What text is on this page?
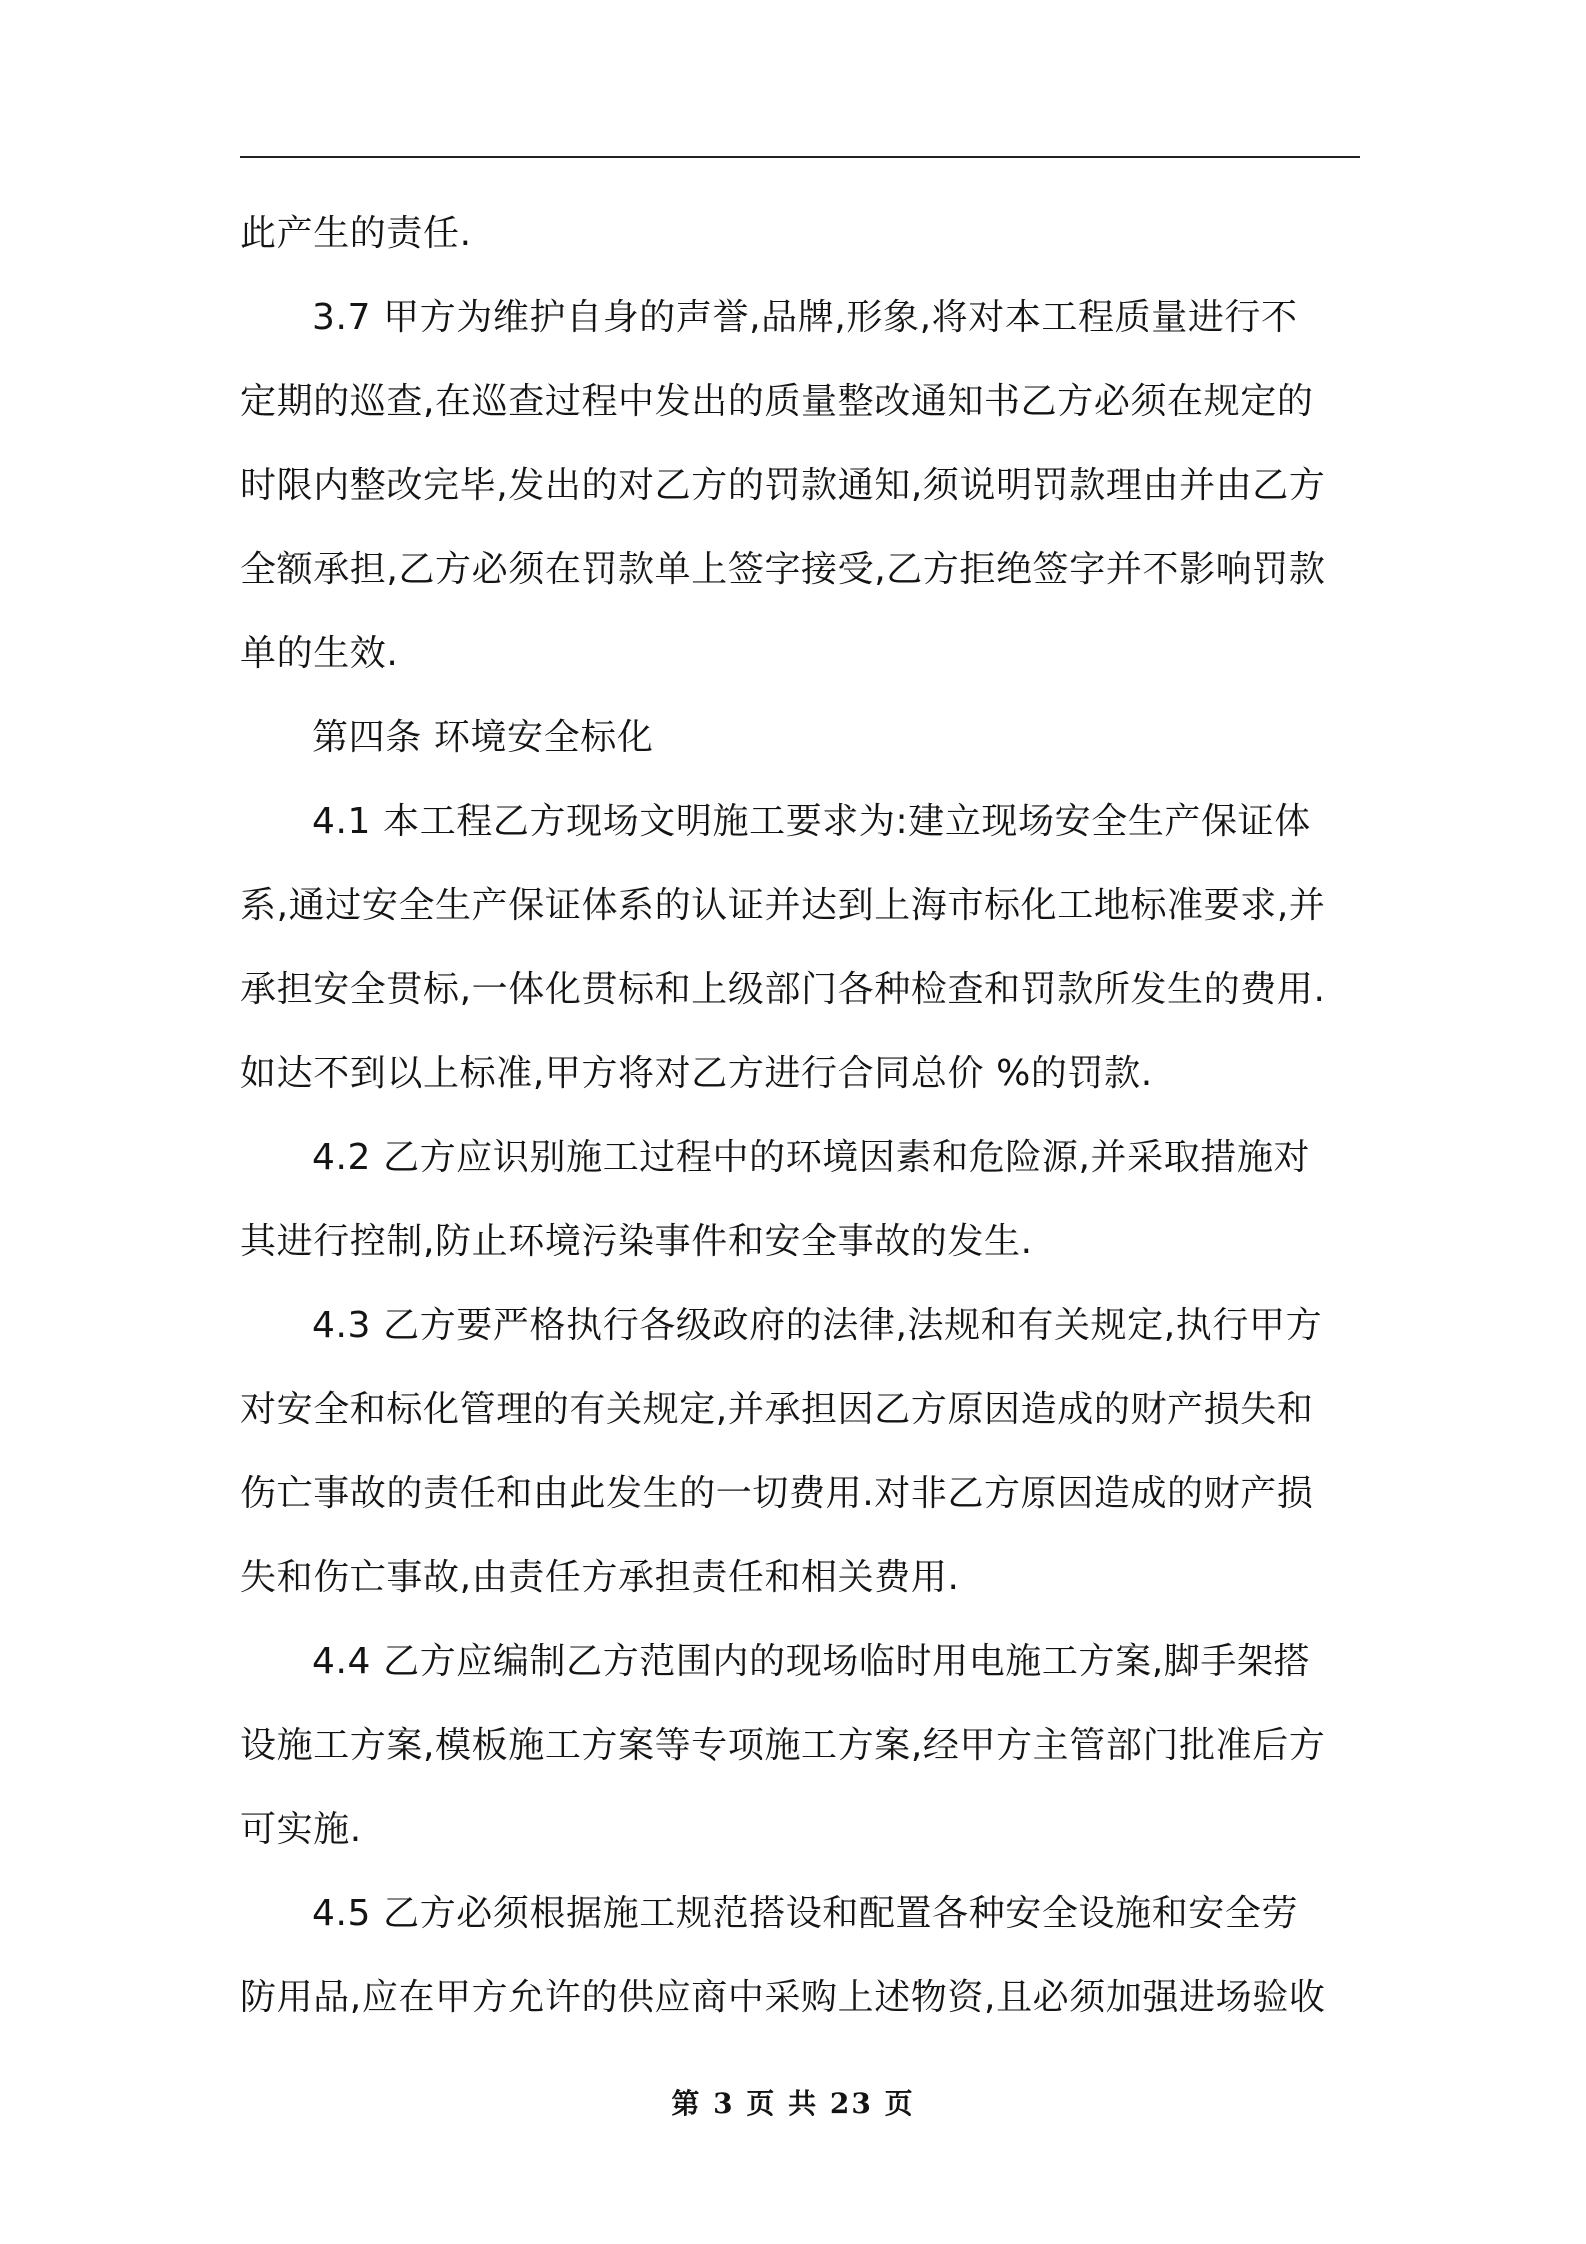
此产生的责任.
3.7 甲方为维护自身的声誉,品牌,形象,将对本工程质量进行不
定期的巡查,在巡查过程中发出的质量整改通知书乙方必须在规定的
时限内整改完毕,发出的对乙方的罚款通知,须说明罚款理由并由乙方
全额承担,乙方必须在罚款单上签字接受,乙方拒绝签字并不影响罚款
单的生效.
第四条 环境安全标化
4.1 本工程乙方现场文明施工要求为:建立现场安全生产保证体
系,通过安全生产保证体系的认证并达到上海市标化工地标准要求,并
承担安全贯标,一体化贯标和上级部门各种检查和罚款所发生的费用.
如达不到以上标准,甲方将对乙方进行合同总价 %的罚款.
4.2 乙方应识别施工过程中的环境因素和危险源,并采取措施对
其进行控制,防止环境污染事件和安全事故的发生.
4.3 乙方要严格执行各级政府的法律,法规和有关规定,执行甲方
对安全和标化管理的有关规定,并承担因乙方原因造成的财产损失和
伤亡事故的责任和由此发生的一切费用.对非乙方原因造成的财产损
失和伤亡事故,由责任方承担责任和相关费用.
4.4 乙方应编制乙方范围内的现场临时用电施工方案,脚手架搭
设施工方案,模板施工方案等专项施工方案,经甲方主管部门批准后方
可实施.
4.5 乙方必须根据施工规范搭设和配置各种安全设施和安全劳
防用品,应在甲方允许的供应商中采购上述物资,且必须加强进场验收
第 3 页 共 23 页
